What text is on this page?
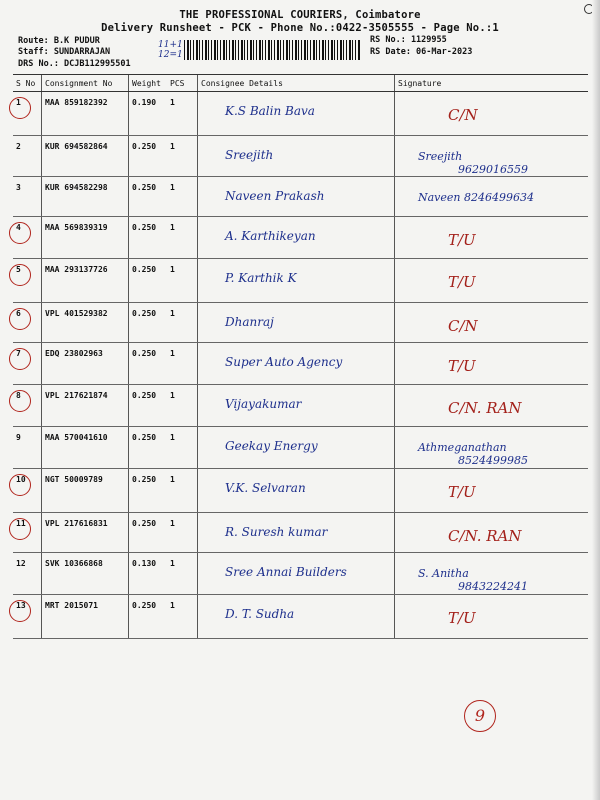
THE PROFESSIONAL COURIERS, Coimbatore
Delivery Runsheet - PCK - Phone No.:0422-3505555 - Page No.:1
Route: B.K PUDUR
Staff: SUNDARRAJAN
DRS No.: DCJB112995501
11+1
12=1
RS No.: 1129955
RS Date: 06-Mar-2023
S No	Consignment No	Weight	PCS	Consignee Details	Signature

1	MAA 859182392	0.190	1	K.S Balin Bava	C/N

2	KUR 694582864	0.250	1	Sreejith	Sreejith
9629016559

3	KUR 694582298	0.250	1	Naveen Prakash	Naveen 8246499634

4	MAA 569839319	0.250	1	A. Karthikeyan	T/U

5	MAA 293137726	0.250	1	P. Karthik K	T/U

6	VPL 401529382	0.250	1	Dhanraj	C/N

7	EDQ 23802963	0.250	1	Super Auto Agency	T/U

8	VPL 217621874	0.250	1	Vijayakumar	C/N. RAN

9	MAA 570041610	0.250	1	Geekay Energy	Athmeganathan
8524499985

10	NGT 50009789	0.250	1	V.K. Selvaran	T/U

11	VPL 217616831	0.250	1	R. Suresh kumar	C/N. RAN

12	SVK 10366868	0.130	1	Sree Annai Builders	S. Anitha
9843224241

13	MRT 2015071	0.250	1	D. T. Sudha	T/U
9
